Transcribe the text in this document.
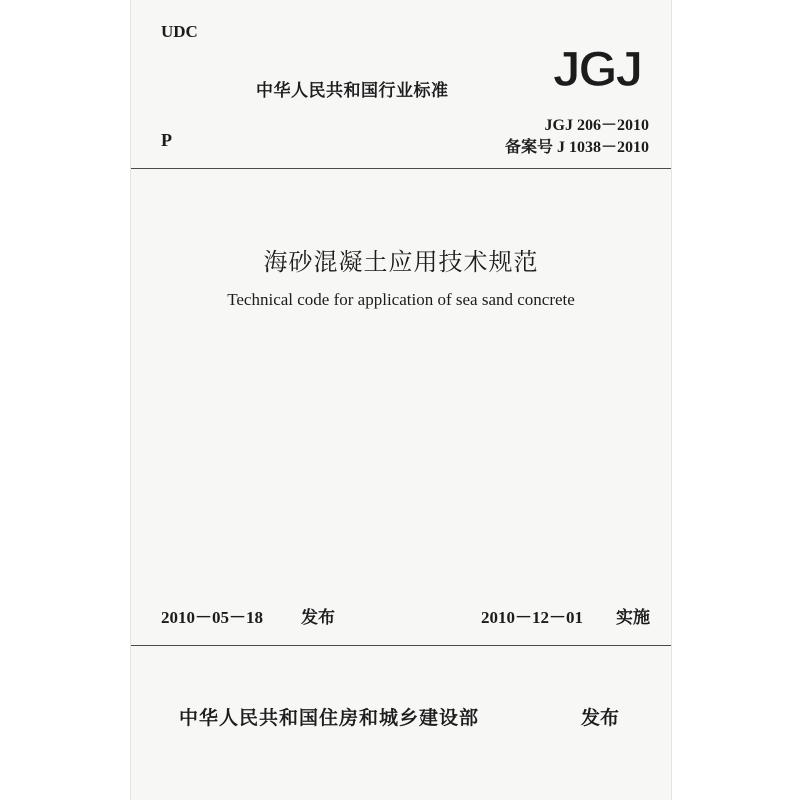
UDC
P
中华人民共和国行业标准 JGJ
JGJ 206－2010
备案号 J 1038－2010
海砂混凝土应用技术规范
Technical code for application of sea sand concrete
2010－05－18 发布	2010－12－01 实施
中华人民共和国住房和城乡建设部	发布
